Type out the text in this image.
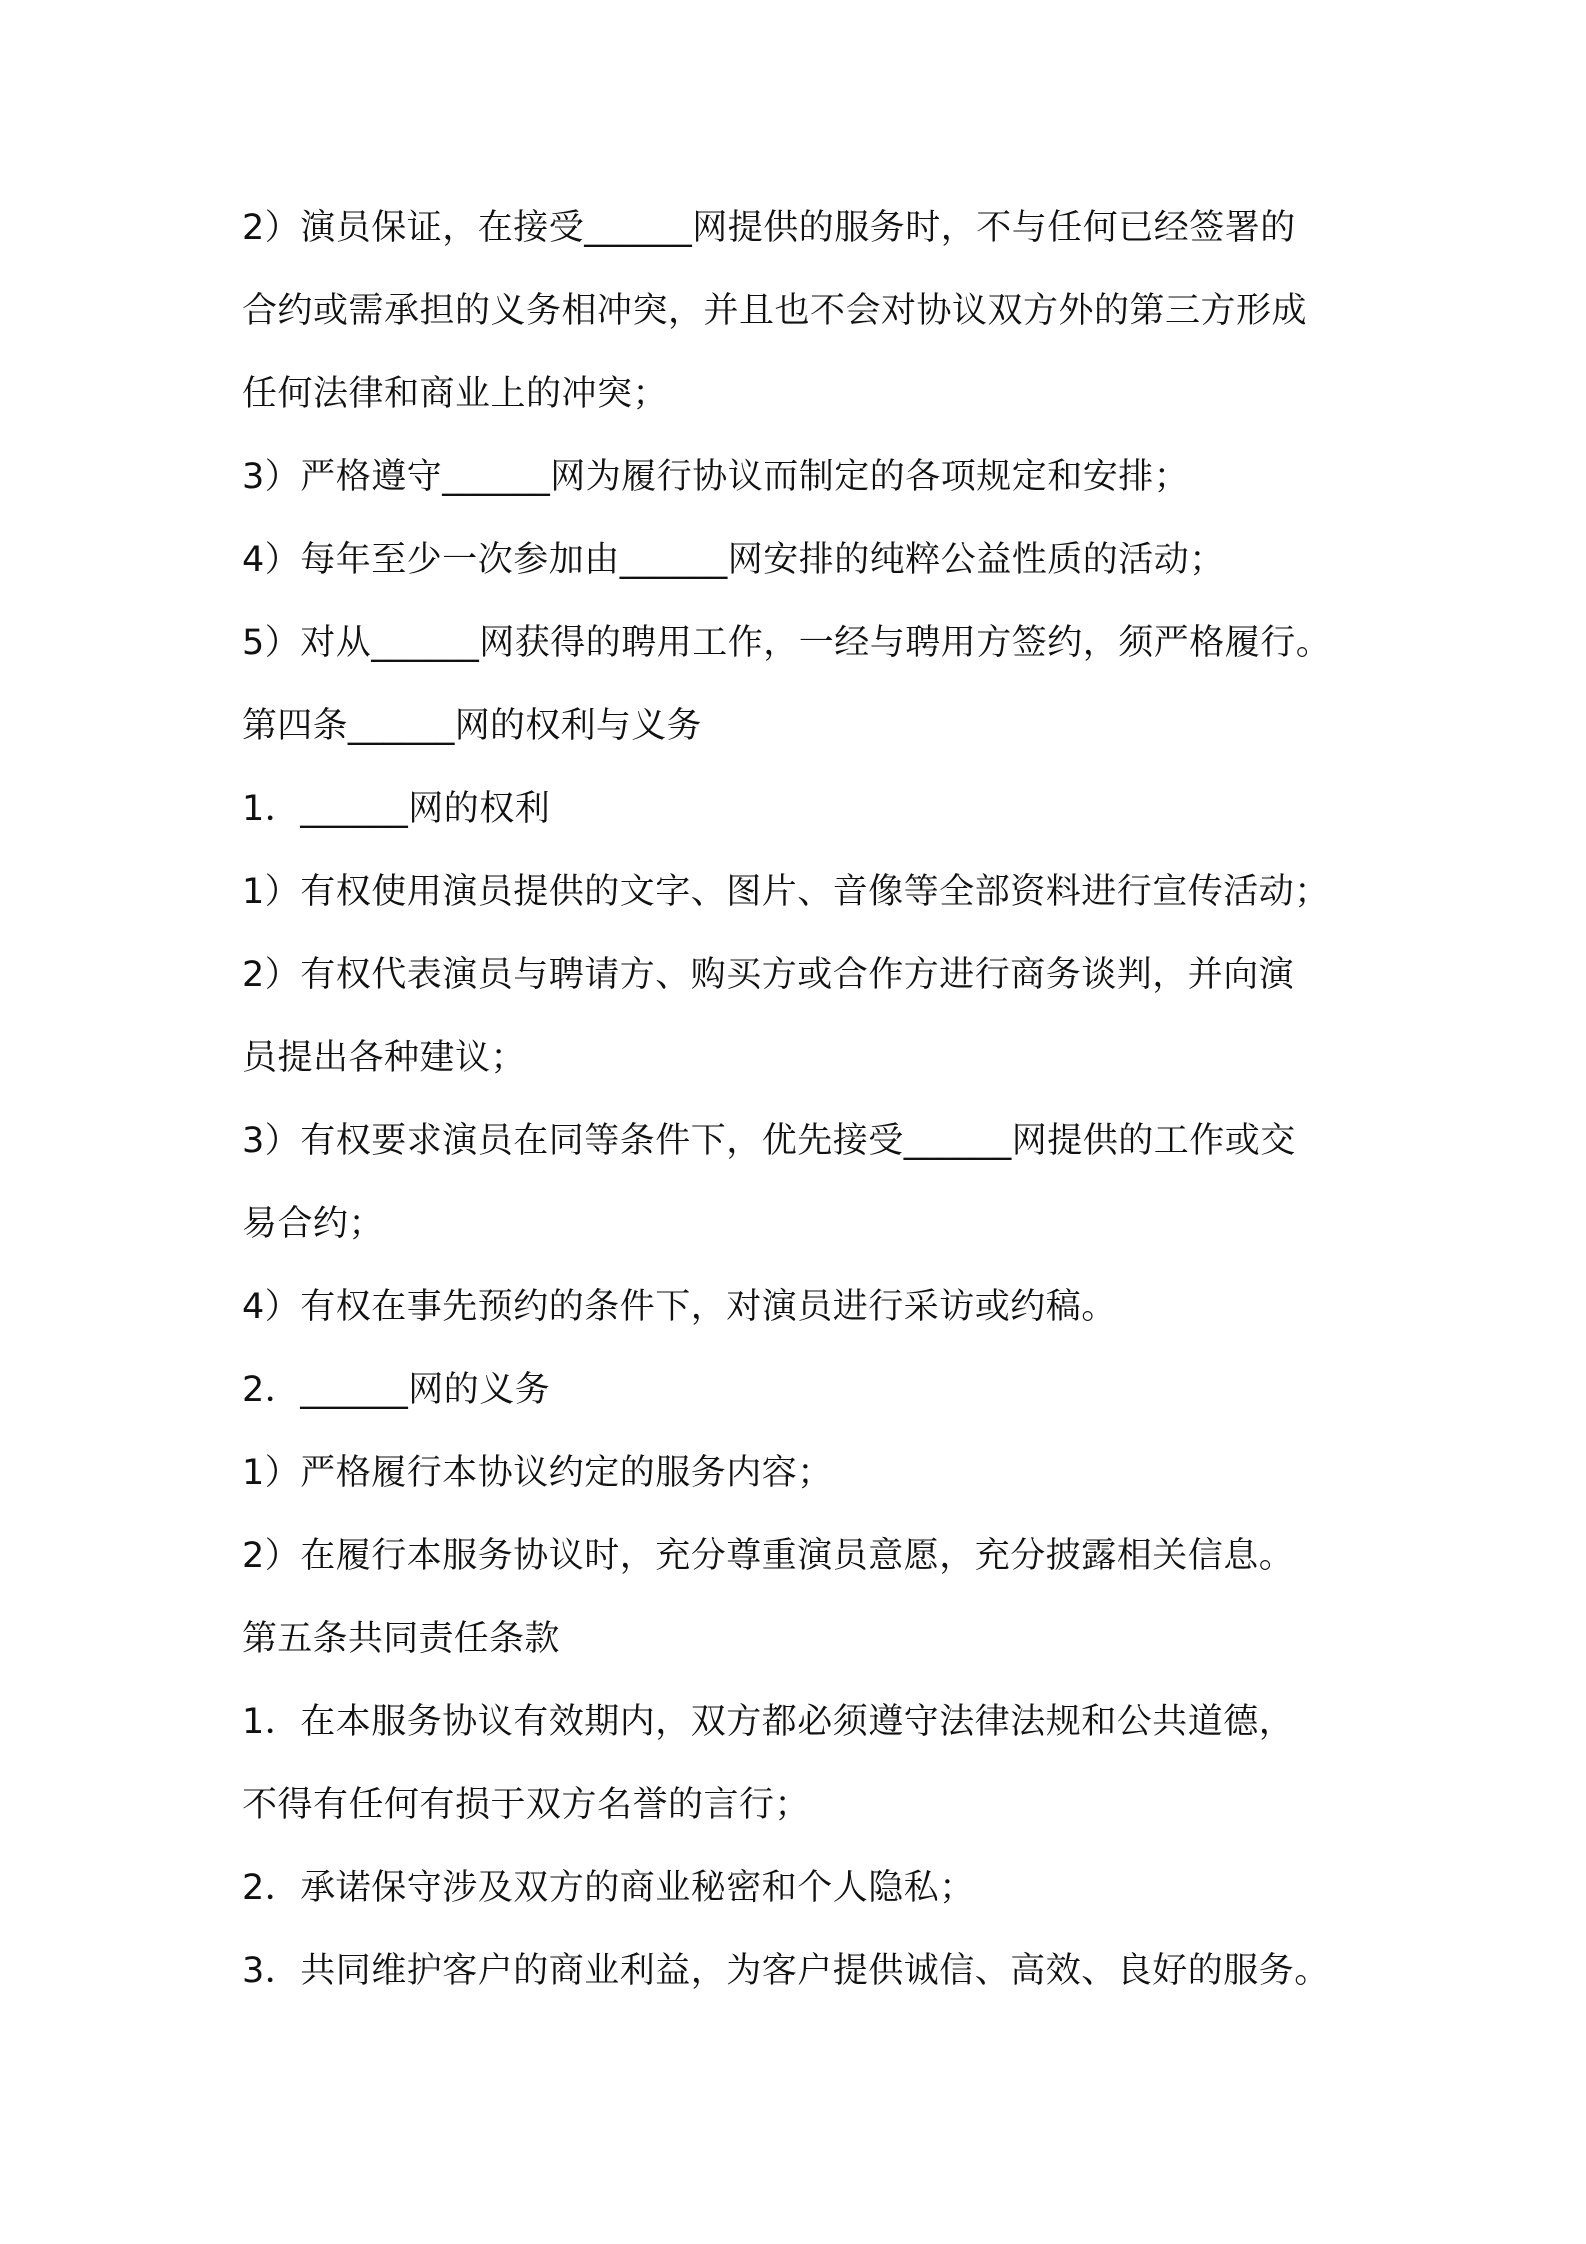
2）演员保证，在接受______网提供的服务时，不与任何已经签署的
合约或需承担的义务相冲突，并且也不会对协议双方外的第三方形成
任何法律和商业上的冲突；
3）严格遵守______网为履行协议而制定的各项规定和安排；
4）每年至少一次参加由______网安排的纯粹公益性质的活动；
5）对从______网获得的聘用工作，一经与聘用方签约，须严格履行。
第四条______网的权利与义务
1．______网的权利
1）有权使用演员提供的文字、图片、音像等全部资料进行宣传活动；
2）有权代表演员与聘请方、购买方或合作方进行商务谈判，并向演
员提出各种建议；
3）有权要求演员在同等条件下，优先接受______网提供的工作或交
易合约；
4）有权在事先预约的条件下，对演员进行采访或约稿。
2．______网的义务
1）严格履行本协议约定的服务内容；
2）在履行本服务协议时，充分尊重演员意愿，充分披露相关信息。
第五条共同责任条款
1．在本服务协议有效期内，双方都必须遵守法律法规和公共道德，
不得有任何有损于双方名誉的言行；
2．承诺保守涉及双方的商业秘密和个人隐私；
3．共同维护客户的商业利益，为客户提供诚信、高效、良好的服务。
